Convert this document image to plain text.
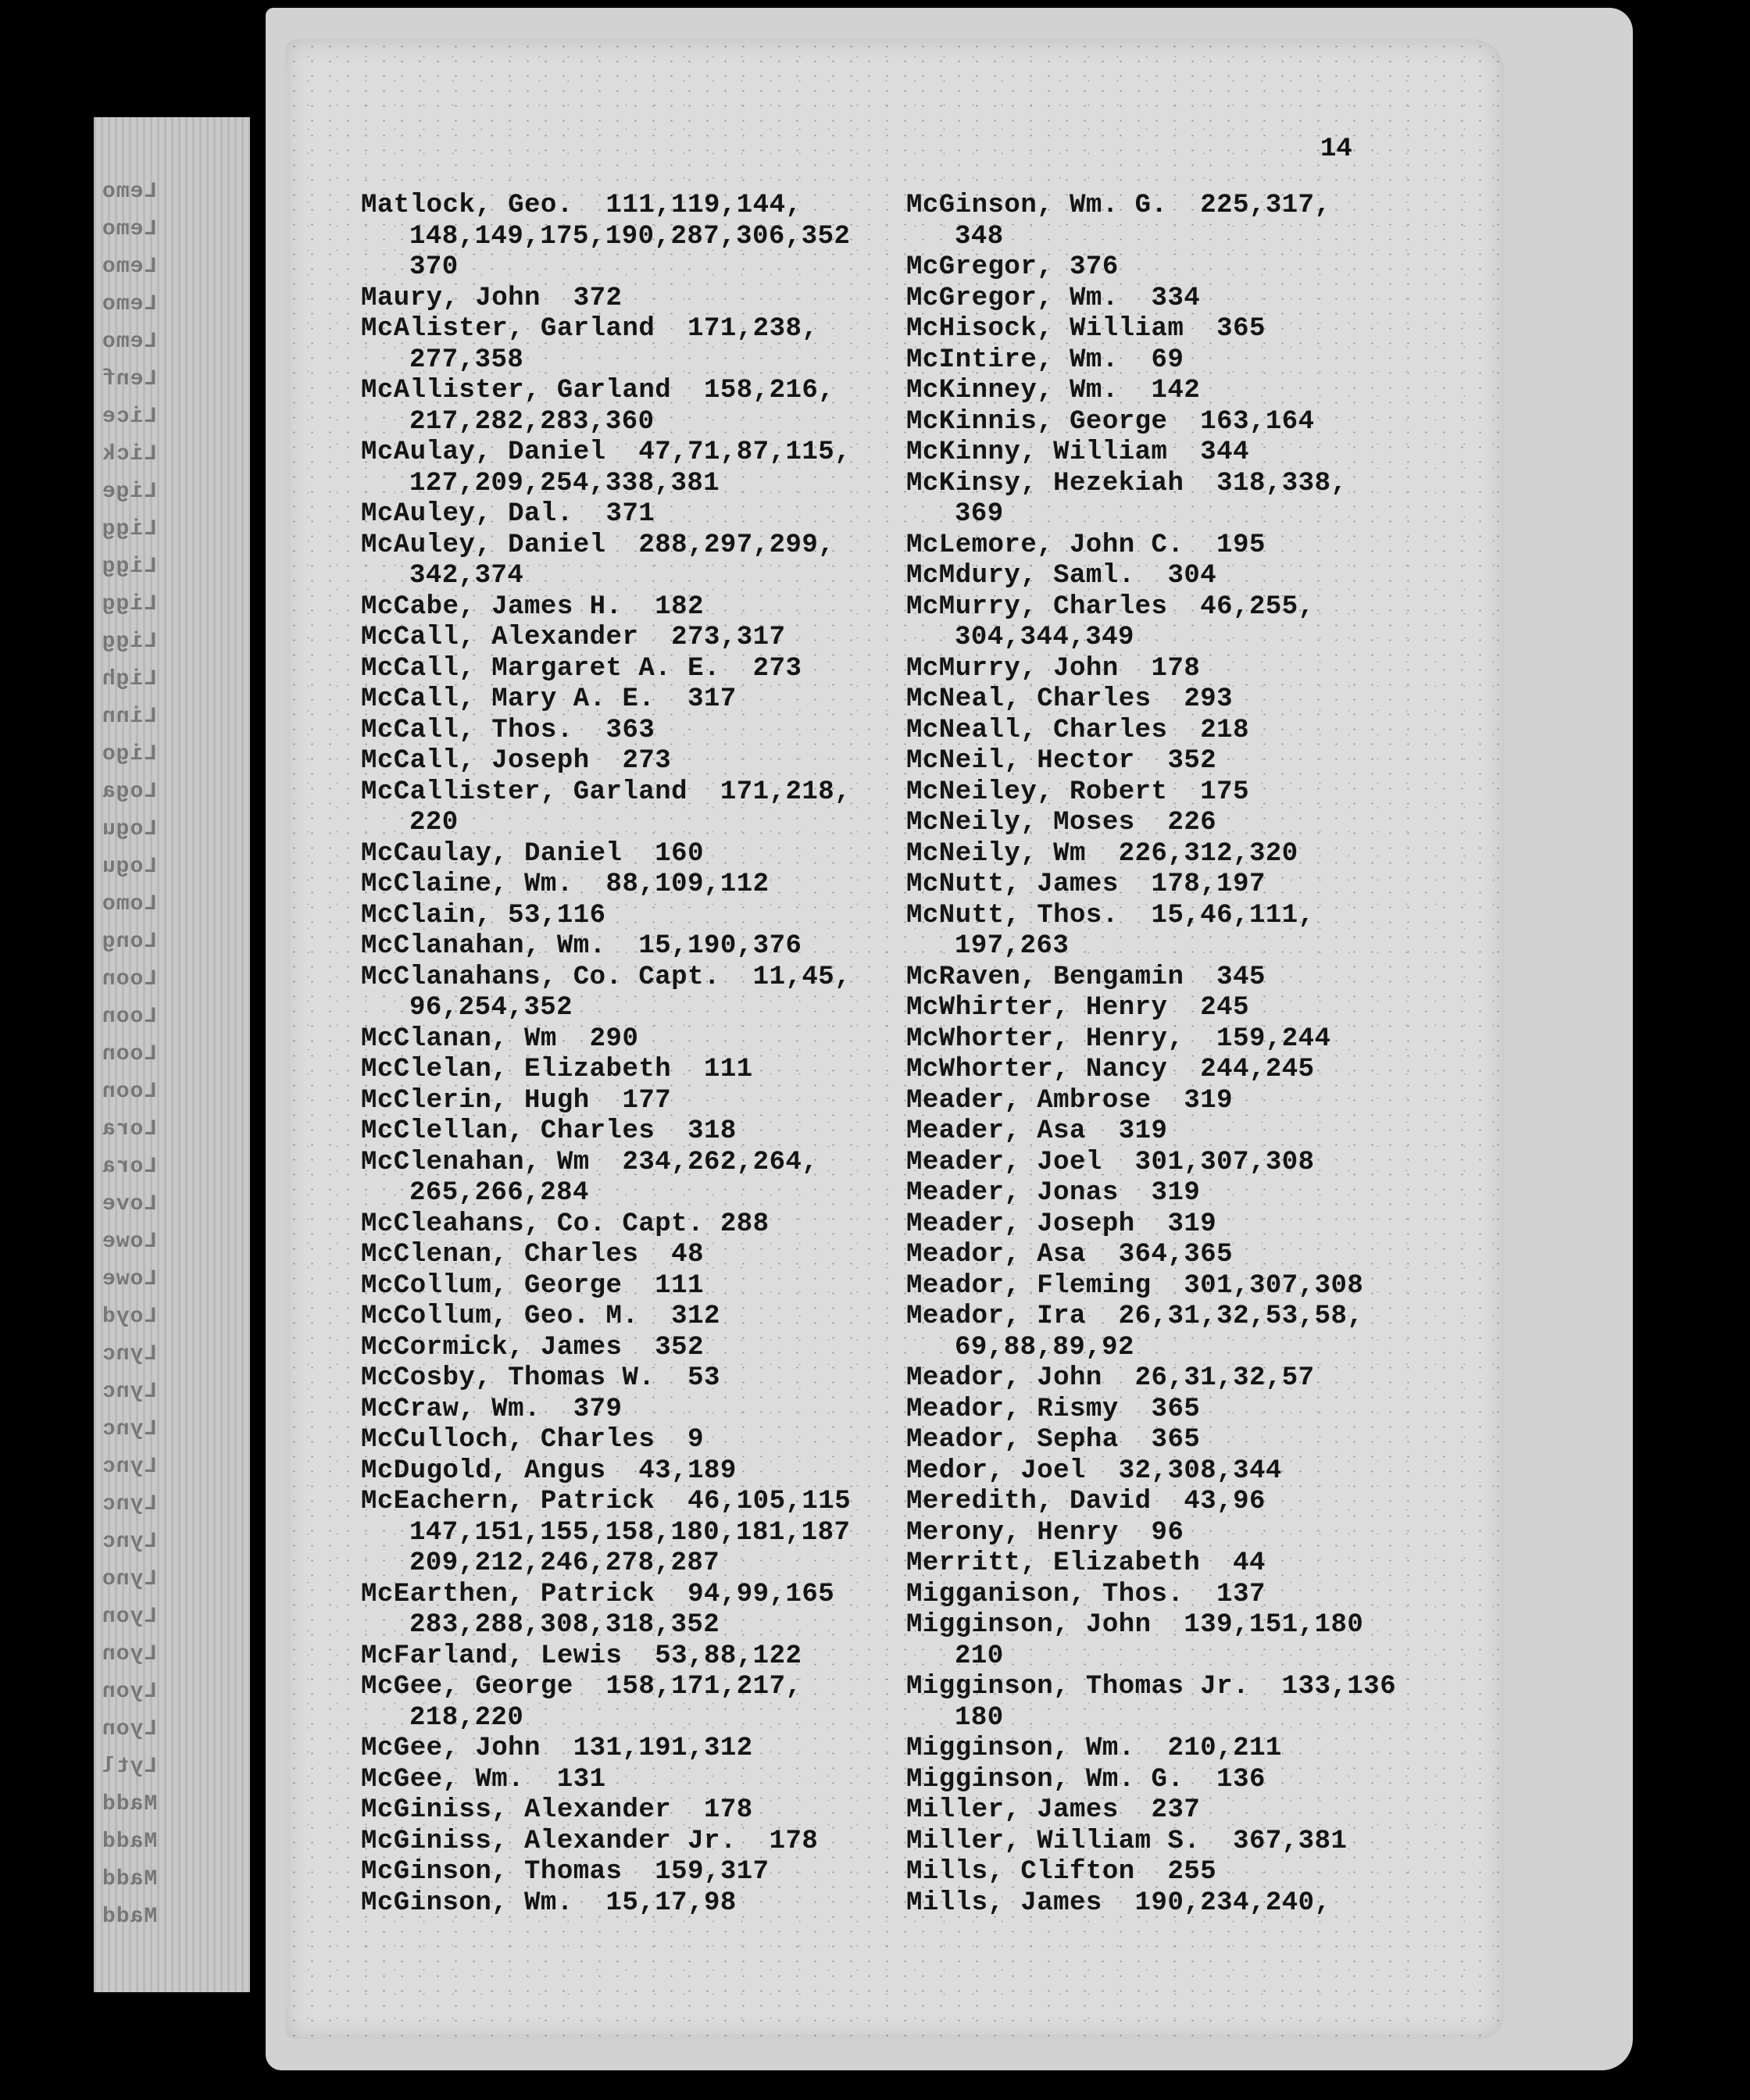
Lemo
Lemo
Lemo
Lemo
Lemo
Lenf
Lice
Lick
Lige
Ligg
Ligg
Ligg
Ligg
Ligh
Linn
Ligo
Loga
Logu
Logu
Lomo
Long
Loon
Loon
Loon
Loon
Lora
Lora
Love
Lowe
Lowe
Loyd
Lync
Lync
Lync
Lync
Lync
Lync
Lyno
Lyon
Lyon
Lyon
Lyon
Lytl
Madd
Madd
Madd
Madd
14
Matlock, Geo.  111,119,144,
148,149,175,190,287,306,352
370
Maury, John  372
McAlister, Garland  171,238,
277,358
McAllister, Garland  158,216,
217,282,283,360
McAulay, Daniel  47,71,87,115,
127,209,254,338,381
McAuley, Dal.  371
McAuley, Daniel  288,297,299,
342,374
McCabe, James H.  182
McCall, Alexander  273,317
McCall, Margaret A. E.  273
McCall, Mary A. E.  317
McCall, Thos.  363
McCall, Joseph  273
McCallister, Garland  171,218,
220
McCaulay, Daniel  160
McClaine, Wm.  88,109,112
McClain, 53,116
McClanahan, Wm.  15,190,376
McClanahans, Co. Capt.  11,45,
96,254,352
McClanan, Wm  290
McClelan, Elizabeth  111
McClerin, Hugh  177
McClellan, Charles  318
McClenahan, Wm  234,262,264,
265,266,284
McCleahans, Co. Capt. 288
McClenan, Charles  48
McCollum, George  111
McCollum, Geo. M.  312
McCormick, James  352
McCosby, Thomas W.  53
McCraw, Wm.  379
McCulloch, Charles  9
McDugold, Angus  43,189
McEachern, Patrick  46,105,115
147,151,155,158,180,181,187
209,212,246,278,287
McEarthen, Patrick  94,99,165
283,288,308,318,352
McFarland, Lewis  53,88,122
McGee, George  158,171,217,
218,220
McGee, John  131,191,312
McGee, Wm.  131
McGiniss, Alexander  178
McGiniss, Alexander Jr.  178
McGinson, Thomas  159,317
McGinson, Wm.  15,17,98
McGinson, Wm. G.  225,317,
348
McGregor, 376
McGregor, Wm.  334
McHisock, William  365
McIntire, Wm.  69
McKinney, Wm.  142
McKinnis, George  163,164
McKinny, William  344
McKinsy, Hezekiah  318,338,
369
McLemore, John C.  195
McMdury, Saml.  304
McMurry, Charles  46,255,
304,344,349
McMurry, John  178
McNeal, Charles  293
McNeall, Charles  218
McNeil, Hector  352
McNeiley, Robert  175
McNeily, Moses  226
McNeily, Wm  226,312,320
McNutt, James  178,197
McNutt, Thos.  15,46,111,
197,263
McRaven, Bengamin  345
McWhirter, Henry  245
McWhorter, Henry,  159,244
McWhorter, Nancy  244,245
Meader, Ambrose  319
Meader, Asa  319
Meader, Joel  301,307,308
Meader, Jonas  319
Meader, Joseph  319
Meador, Asa  364,365
Meador, Fleming  301,307,308
Meador, Ira  26,31,32,53,58,
69,88,89,92
Meador, John  26,31,32,57
Meador, Rismy  365
Meador, Sepha  365
Medor, Joel  32,308,344
Meredith, David  43,96
Merony, Henry  96
Merritt, Elizabeth  44
Migganison, Thos.  137
Migginson, John  139,151,180
210
Migginson, Thomas Jr.  133,136
180
Migginson, Wm.  210,211
Migginson, Wm. G.  136
Miller, James  237
Miller, William S.  367,381
Mills, Clifton  255
Mills, James  190,234,240,
